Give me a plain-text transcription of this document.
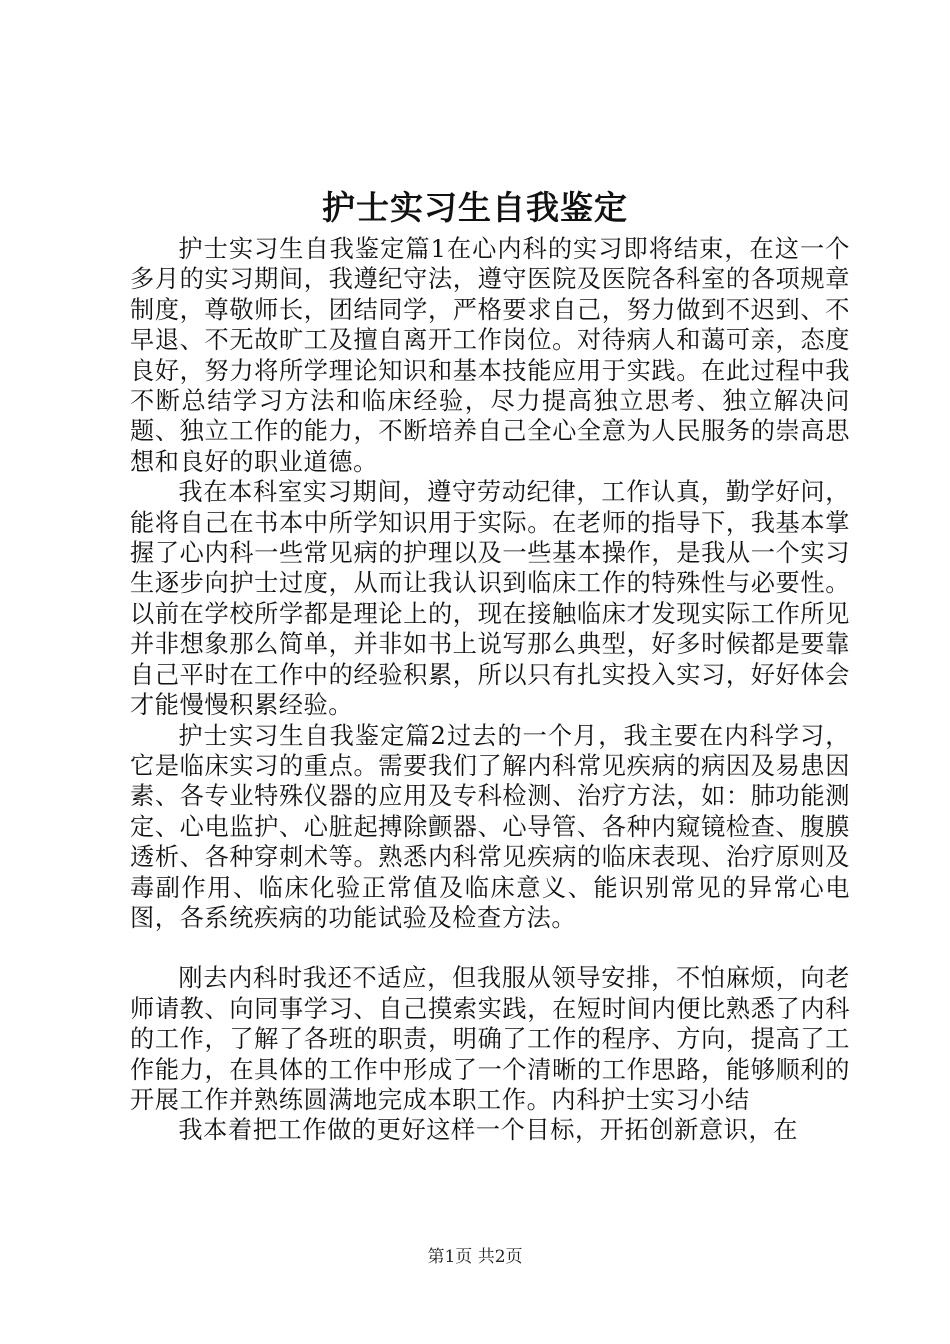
护士实习生自我鉴定

护士实习生自我鉴定篇1在心内科的实习即将结束，在这一个多月的实习期间，我遵纪守法，遵守医院及医院各科室的各项规章制度，尊敬师长，团结同学，严格要求自己，努力做到不迟到、不早退、不无故旷工及擅自离开工作岗位。对待病人和蔼可亲，态度良好，努力将所学理论知识和基本技能应用于实践。在此过程中我不断总结学习方法和临床经验，尽力提高独立思考、独立解决问题、独立工作的能力，不断培养自己全心全意为人民服务的崇高思想和良好的职业道德。

我在本科室实习期间，遵守劳动纪律，工作认真，勤学好问，能将自己在书本中所学知识用于实际。在老师的指导下，我基本掌握了心内科一些常见病的护理以及一些基本操作，是我从一个实习生逐步向护士过度，从而让我认识到临床工作的特殊性与必要性。以前在学校所学都是理论上的，现在接触临床才发现实际工作所见并非想象那么简单，并非如书上说写那么典型，好多时候都是要靠自己平时在工作中的经验积累，所以只有扎实投入实习，好好体会才能慢慢积累经验。

护士实习生自我鉴定篇2过去的一个月，我主要在内科学习，它是临床实习的重点。需要我们了解内科常见疾病的病因及易患因素、各专业特殊仪器的应用及专科检测、治疗方法，如：肺功能测定、心电监护、心脏起搏除颤器、心导管、各种内窥镜检查、腹膜透析、各种穿刺术等。熟悉内科常见疾病的临床表现、治疗原则及毒副作用、临床化验正常值及临床意义、能识别常见的异常心电图，各系统疾病的功能试验及检查方法。

刚去内科时我还不适应，但我服从领导安排，不怕麻烦，向老师请教、向同事学习、自己摸索实践，在短时间内便比熟悉了内科的工作，了解了各班的职责，明确了工作的程序、方向，提高了工作能力，在具体的工作中形成了一个清晰的工作思路，能够顺利的开展工作并熟练圆满地完成本职工作。内科护士实习小结

我本着把工作做的更好这样一个目标，开拓创新意识，在

第1页 共2页
